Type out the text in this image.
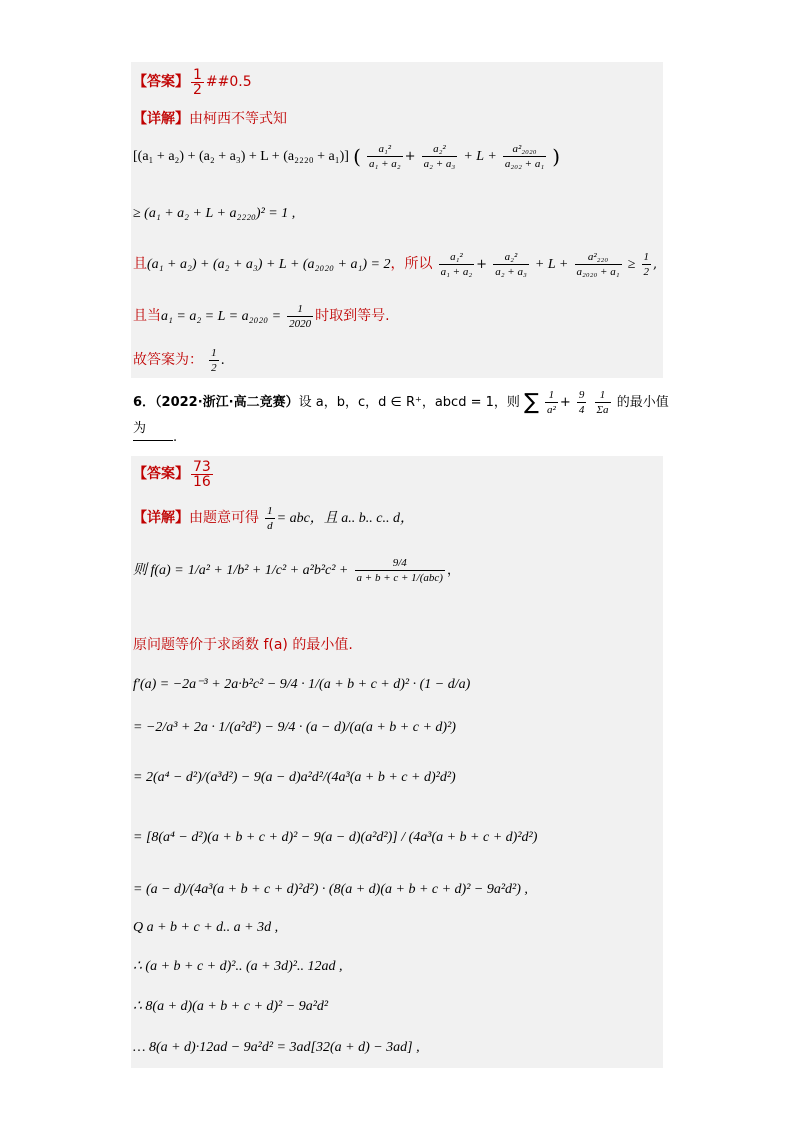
【答案】 $\frac{1}{2}$ ##0.5
【详解】由柯西不等式知
[(a₁ + a₂) + (a₂ + a₃) + L + (a₂₂₂₀ + a₁)] ( $\frac{\text{a₁²}}{\text{a₁ + a₂}} + \frac{\text{a₂²}}{\text{a₂ + a₃}} + L + \frac{\text{a²₂₀₂₀}}{\text{a₂₀₂ + a₁}}$ )
≥ (a₁ + a₂ + L + a₂₂₂₀)² = 1 ,
且(a₁ + a₂) + (a₂ + a₃) + L + (a₂₀₂₀ + a₁) = 2，所以 $\frac{\text{a₁²}}{\text{a₁ + a₂}} + \frac{\text{a₂²}}{\text{a₂ + a₃}} + L + \frac{\text{a²₂₂₀}}{\text{a₂₀₂₀ + a₁}} \ge \frac{1}{2}$ ,
且当$a_1 = a_2 = L = a_{2020} = \frac{1}{2020}$ 时取到等号.
故答案为： $\frac{1}{2}$ .
6．（2022·浙江·高二竞赛）设 a，b，c，d ∈ R⁺，abcd = 1，则 ∑ $\frac{1}{\text{a²}} + \frac{9}{4}$
$\frac{1}{\Sigma a}$ 的最小值为
.
【答案】 $\frac{73}{16}$
【详解】由题意可得 $\frac{1}{d}$ = abc，且 a.. b.. c.. d，
则 $f(a) = 1/a^2 + 1/b^2 + 1/c^2 + a^2b^2c^2 + \frac{9/4}{\text{a + b + c + 1/(abc)}}$ ，
原问题等价于求函数 f(a) 的最小值.
f′(a) = −2a⁻³ + 2a·b²c² − 9/4 · 1/(a + b + c + d)² · (1 − d/a)
= −2/a³ + 2a · 1/(a²d²) − 9/4 · (a − d)/(a(a + b + c + d)²)
= 2(a⁴ − d²)/(a³d²) − 9(a − d)a²d²/(4a³(a + b + c + d)²d²)
= [8(a⁴ − d²)(a + b + c + d)² − 9(a − d)(a²d²)] / (4a³(a + b + c + d)²d²)
= (a − d)/(4a³(a + b + c + d)²d²) · (8(a + d)(a + b + c + d)² − 9a²d²) ,
Q a + b + c + d.. a + 3d ,
∴ (a + b + c + d)².. (a + 3d)².. 12ad ,
∴ 8(a + d)(a + b + c + d)² − 9a²d²
… 8(a + d)·12ad − 9a²d² = 3ad[32(a + d) − 3ad] ,
